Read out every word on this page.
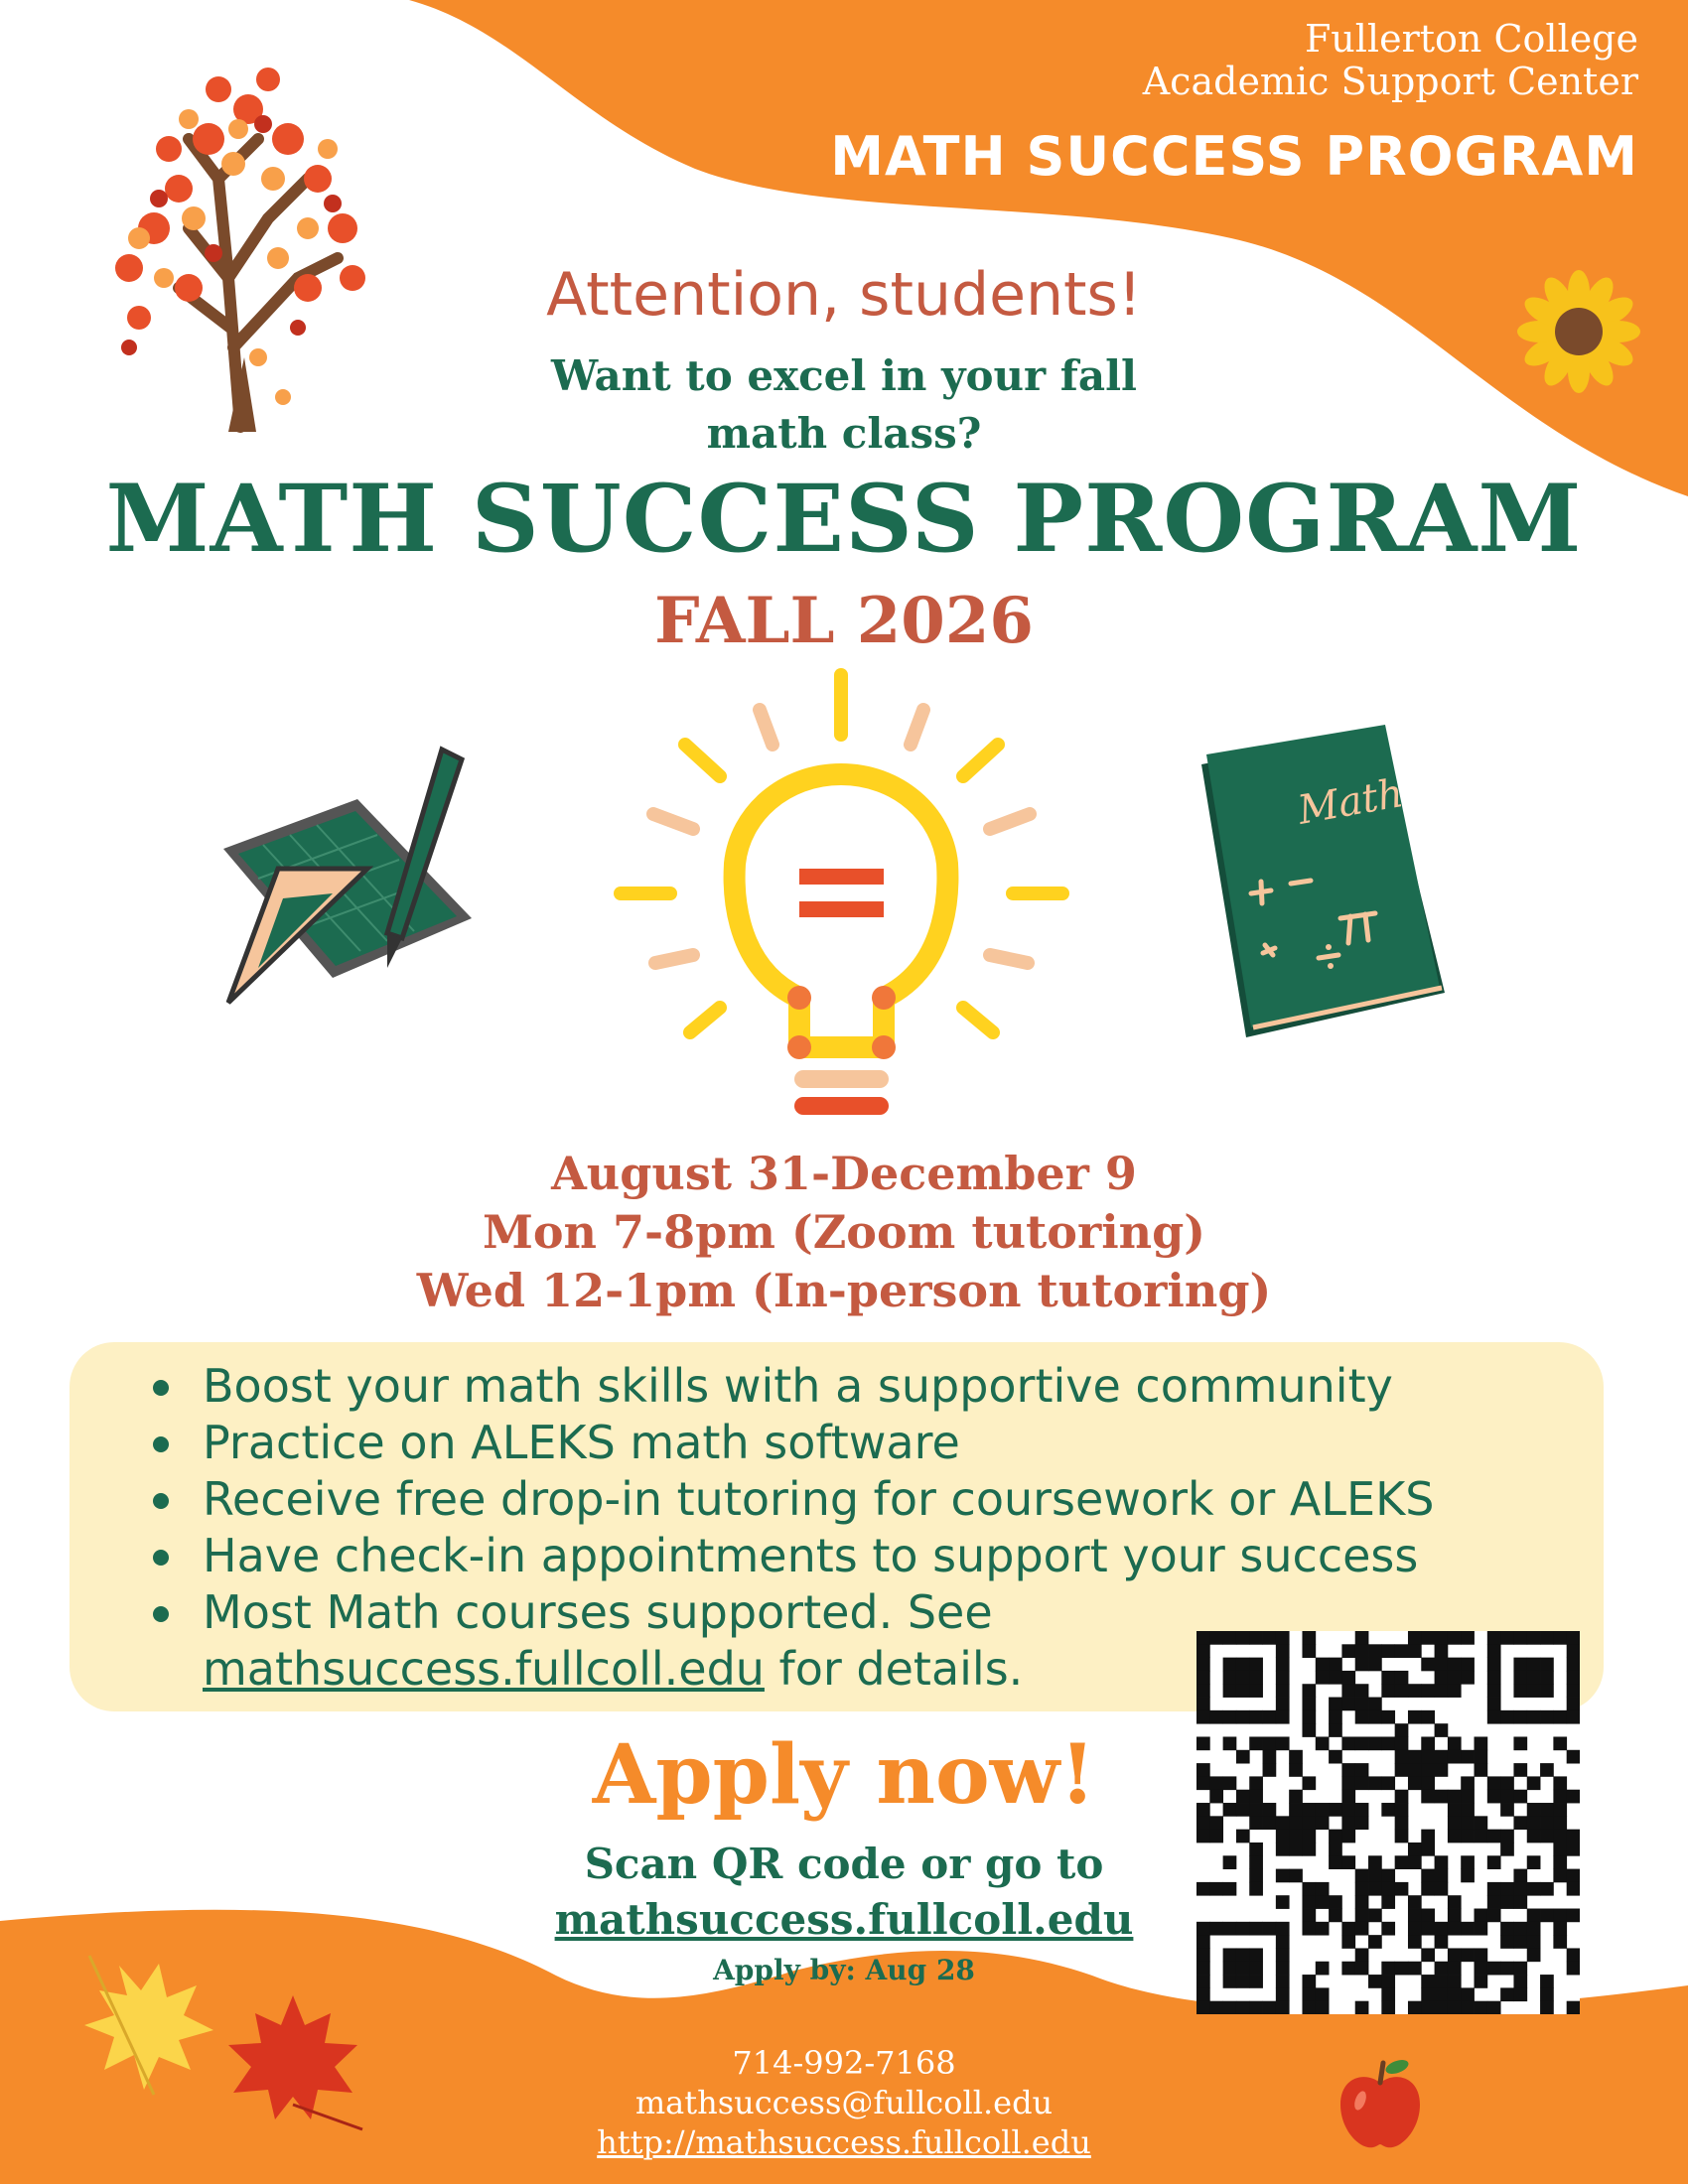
Fullerton College
Academic Support Center
MATH SUCCESS PROGRAM
Attention, students!
Want to excel in your fall
math class?
MATH SUCCESS PROGRAM
FALL 2026
Math
August 31-December 9
Mon 7-8pm (Zoom tutoring)
Wed 12-1pm (In-person tutoring)
Boost your math skills with a supportive community
Practice on ALEKS math software
Receive free drop-in tutoring for coursework or ALEKS
Have check-in appointments to support your success
Most Math courses supported. See
mathsuccess.fullcoll.edu for details.
Apply now!
Scan QR code or go to
mathsuccess.fullcoll.edu
Apply by: Aug 28
714-992-7168
mathsuccess@fullcoll.edu
http://mathsuccess.fullcoll.edu
